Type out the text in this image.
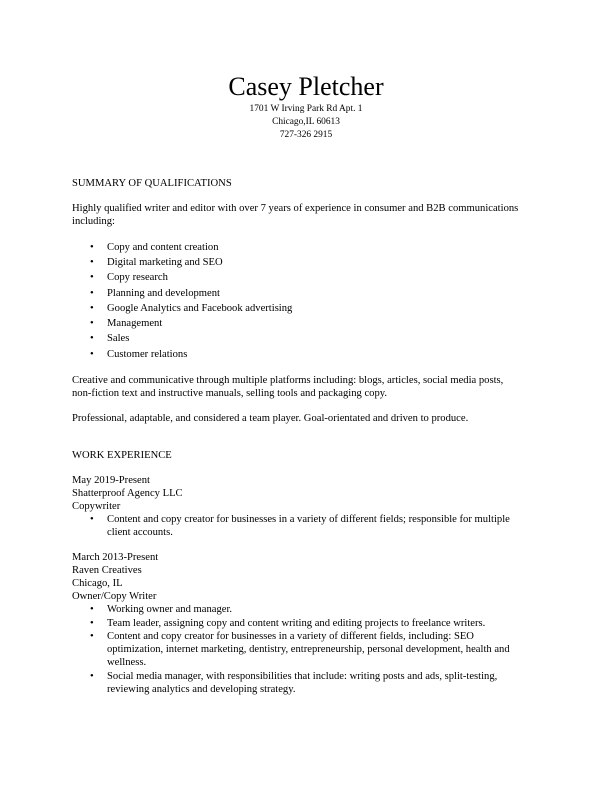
Casey Pletcher
1701 W Irving Park Rd Apt. 1
Chicago,IL 60613
727-326 2915
SUMMARY OF QUALIFICATIONS
Highly qualified writer and editor with over 7 years of experience in consumer and B2B communications
including:
• Copy and content creation
• Digital marketing and SEO
• Copy research
• Planning and development
• Google Analytics and Facebook advertising
• Management
• Sales
• Customer relations
Creative and communicative through multiple platforms including: blogs, articles, social media posts,
non-fiction text and instructive manuals, selling tools and packaging copy.
Professional, adaptable, and considered a team player. Goal-orientated and driven to produce.
WORK EXPERIENCE
May 2019-Present
Shatterproof Agency LLC
Copywriter
• Content and copy creator for businesses in a variety of different fields; responsible for multiple
client accounts.
March 2013-Present
Raven Creatives
Chicago, IL
Owner/Copy Writer
• Working owner and manager.
• Team leader, assigning copy and content writing and editing projects to freelance writers.
• Content and copy creator for businesses in a variety of different fields, including: SEO
optimization, internet marketing, dentistry, entrepreneurship, personal development, health and
wellness.
• Social media manager, with responsibilities that include: writing posts and ads, split-testing,
reviewing analytics and developing strategy.
